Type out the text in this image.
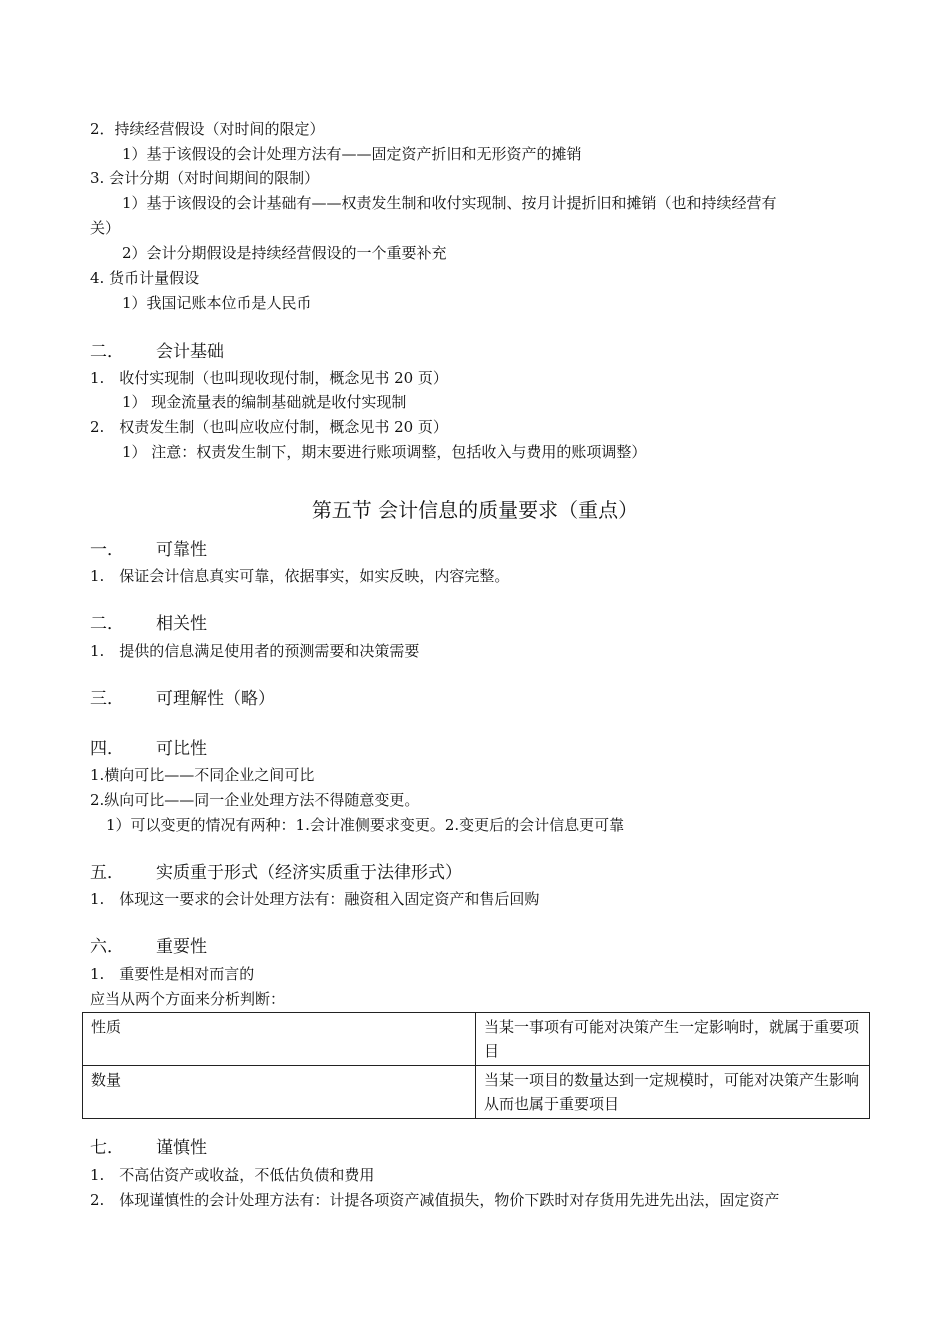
2．持续经营假设（对时间的限定）
1）基于该假设的会计处理方法有——固定资产折旧和无形资产的摊销
3. 会计分期（对时间期间的限制）
1）基于该假设的会计基础有——权责发生制和收付实现制、按月计提折旧和摊销（也和持续经营有
关）
2）会计分期假设是持续经营假设的一个重要补充
4. 货币计量假设
1）我国记账本位币是人民币
二． 会计基础
1.　收付实现制（也叫现收现付制，概念见书 20 页）
1） 现金流量表的编制基础就是收付实现制
2.　权责发生制（也叫应收应付制，概念见书 20 页）
1） 注意：权责发生制下，期末要进行账项调整，包括收入与费用的账项调整）
第五节 会计信息的质量要求（重点）
一． 可靠性
1.　保证会计信息真实可靠，依据事实，如实反映，内容完整。
二． 相关性
1.　提供的信息满足使用者的预测需要和决策需要
三． 可理解性（略）
四． 可比性
1.横向可比——不同企业之间可比
2.纵向可比——同一企业处理方法不得随意变更。
1）可以变更的情况有两种：1.会计准侧要求变更。2.变更后的会计信息更可靠
五． 实质重于形式（经济实质重于法律形式）
1.　体现这一要求的会计处理方法有：融资租入固定资产和售后回购
六． 重要性
1.　重要性是相对而言的
应当从两个方面来分析判断：
性质	当某一事项有可能对决策产生一定影响时，就属于重要项目
数量	当某一项目的数量达到一定规模时，可能对决策产生影响从而也属于重要项目
七． 谨慎性
1.　不高估资产或收益，不低估负债和费用
2.　体现谨慎性的会计处理方法有：计提各项资产减值损失，物价下跌时对存货用先进先出法，固定资产
